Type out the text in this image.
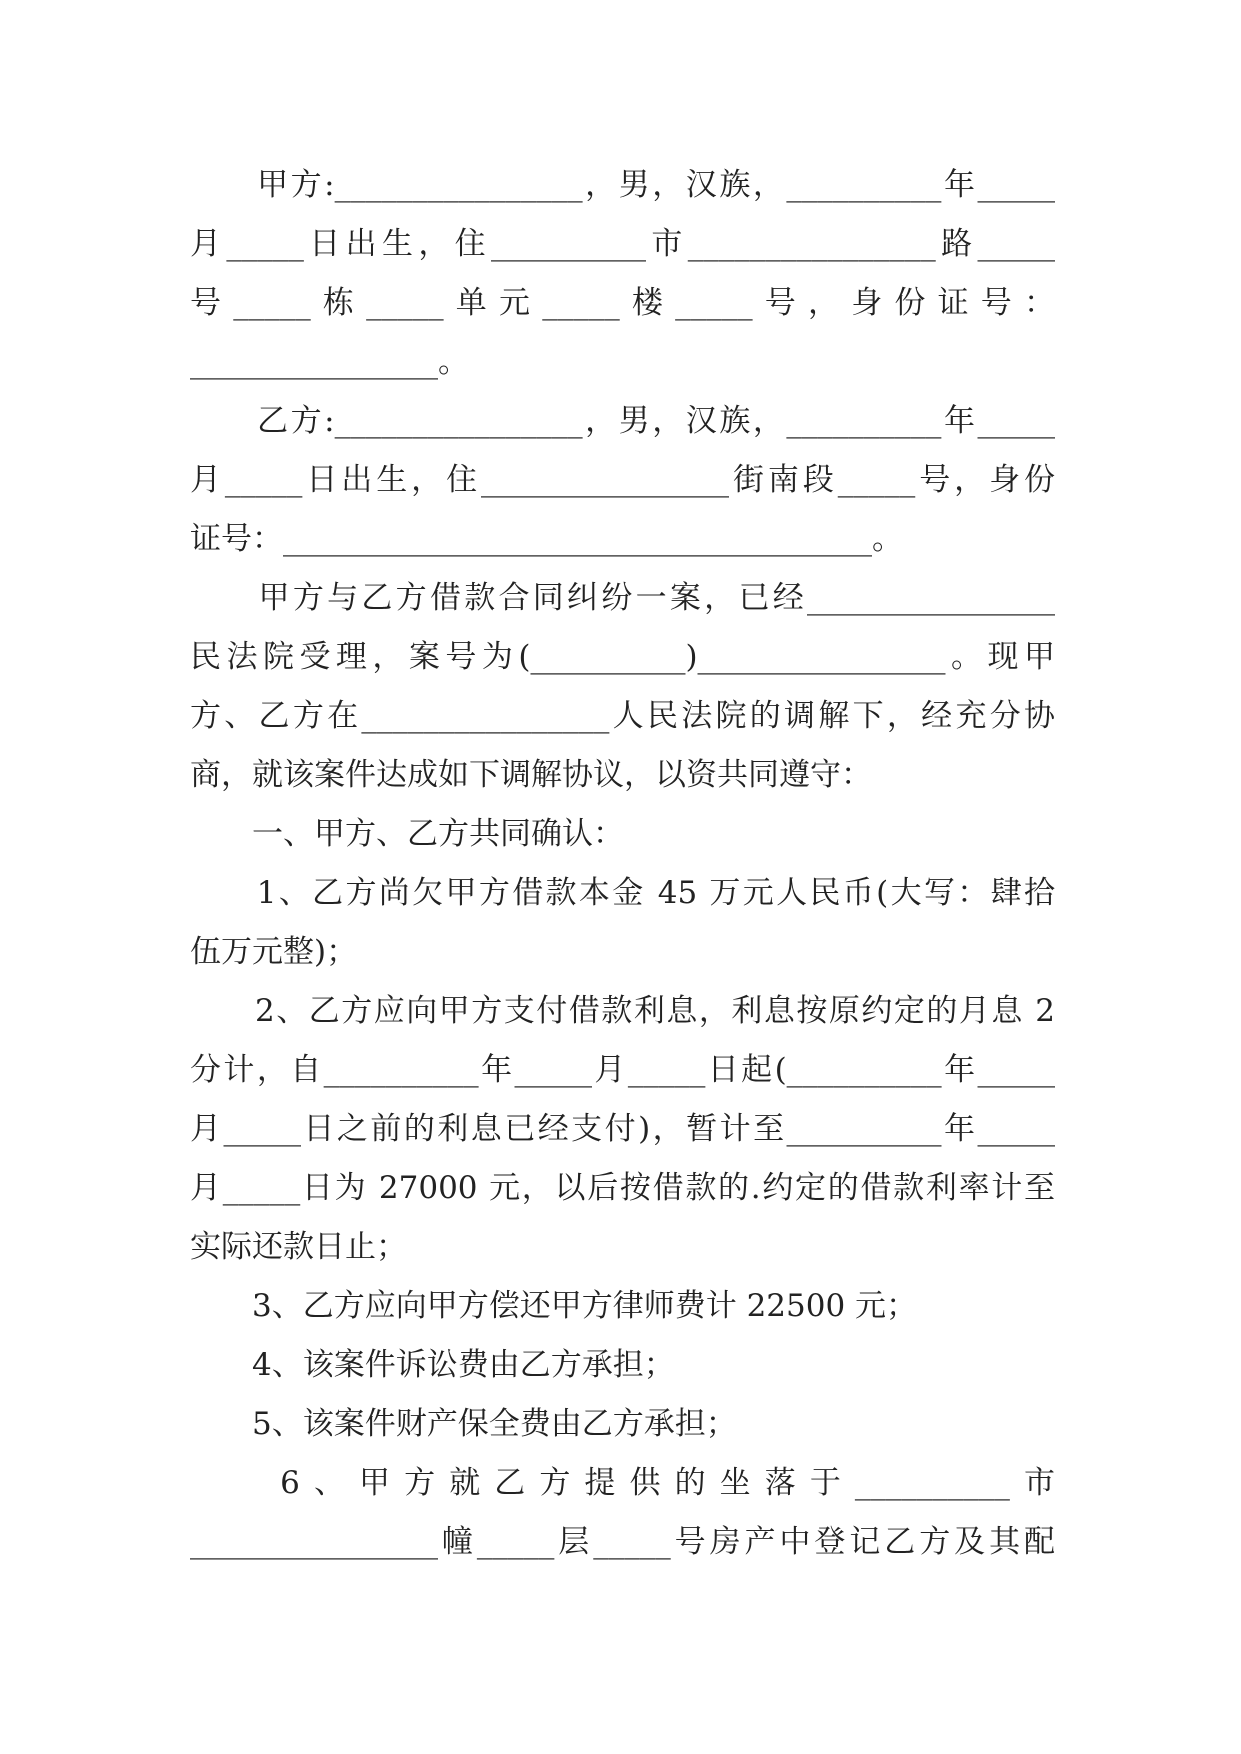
　　甲方:________________，男，汉族，__________年_____
月_____日出生，住__________市________________路_____
号_____栋_____单元_____楼_____号，身份证号：
________________。
　　乙方:________________，男，汉族，__________年_____
月_____日出生，住________________街南段_____号，身份
证号：______________________________________。
　　甲方与乙方借款合同纠纷一案，已经________________
民法院受理，案号为(__________)________________。现甲
方、乙方在________________人民法院的调解下，经充分协
商，就该案件达成如下调解协议，以资共同遵守：
　　一、甲方、乙方共同确认：
　　1、乙方尚欠甲方借款本金 45 万元人民币(大写：肆拾
伍万元整)；
　　2、乙方应向甲方支付借款利息，利息按原约定的月息 2
分计，自__________年_____月_____日起(__________年_____
月_____日之前的利息已经支付)，暂计至__________年_____
月_____日为 27000 元，以后按借款的.约定的借款利率计至
实际还款日止；
　　3、乙方应向甲方偿还甲方律师费计 22500 元；
　　4、该案件诉讼费由乙方承担；
　　5、该案件财产保全费由乙方承担；
　　6、甲方就乙方提供的坐落于__________市
________________幢_____层_____号房产中登记乙方及其配
